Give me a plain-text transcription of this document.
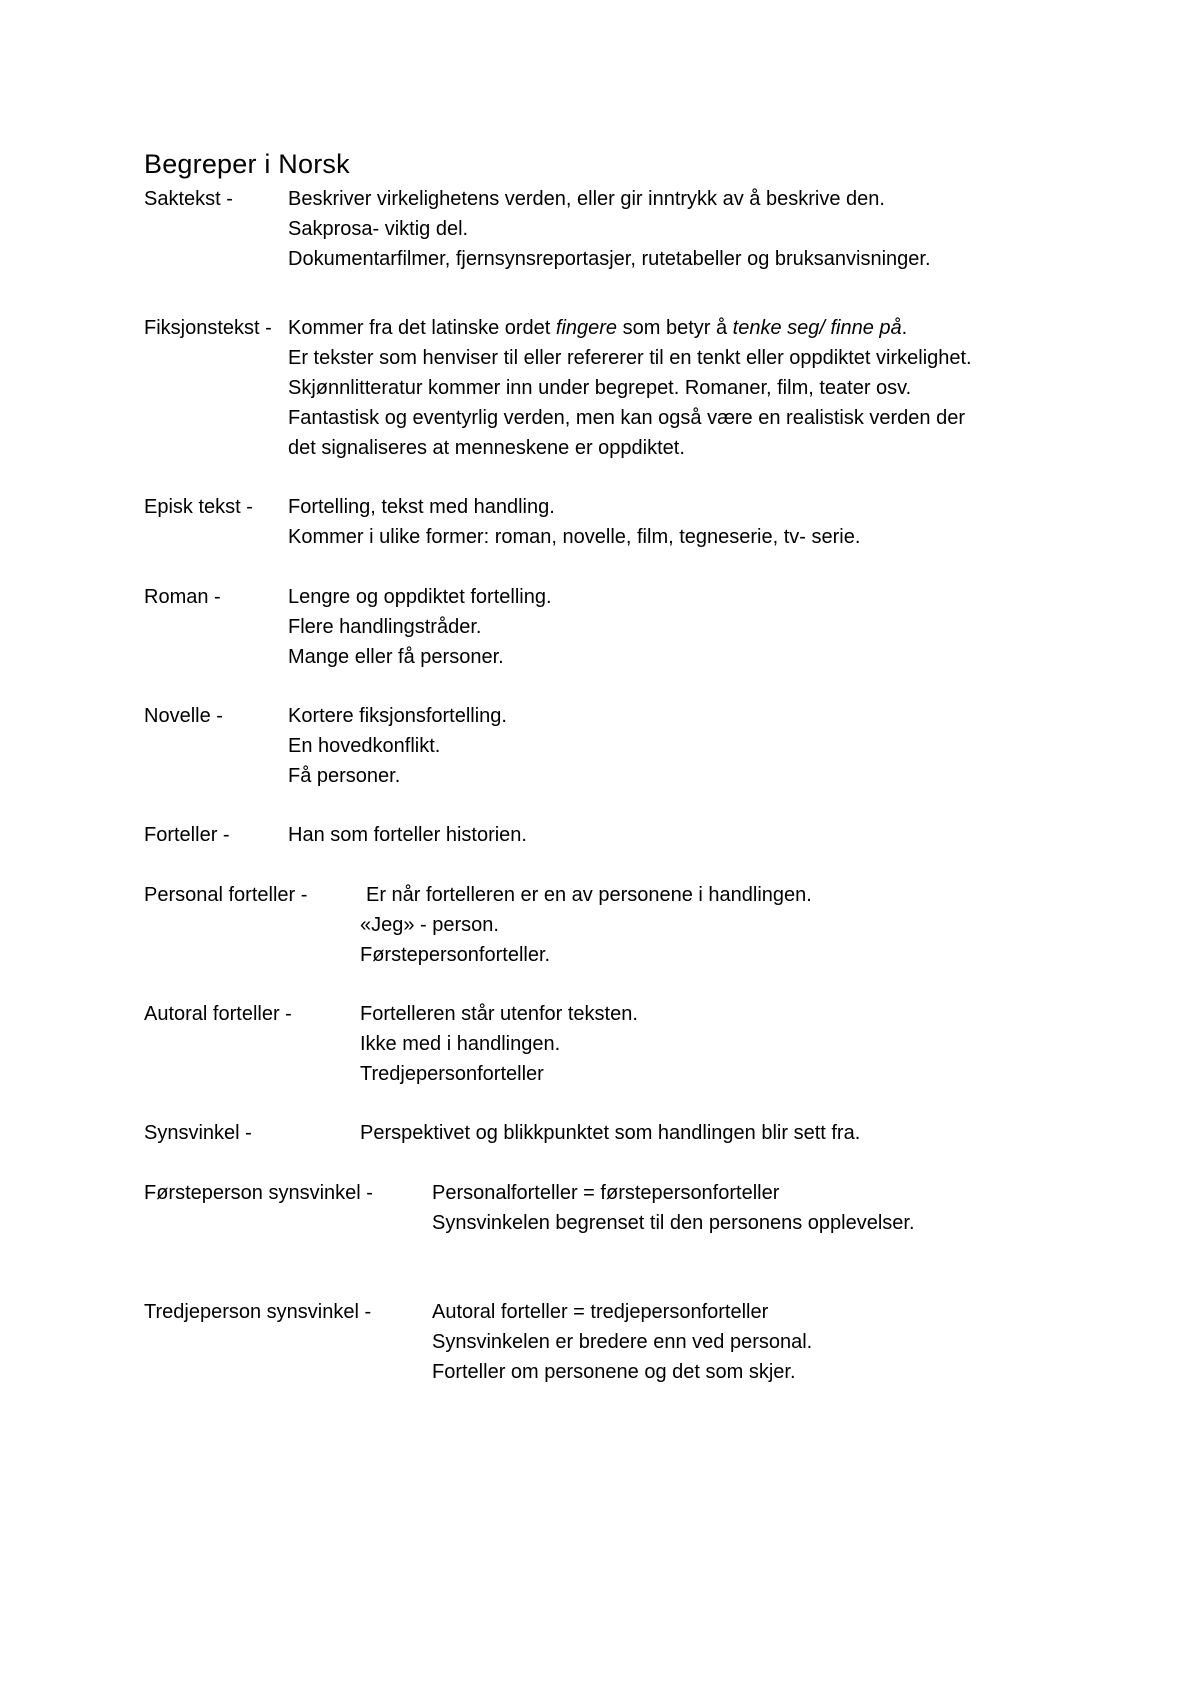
Begreper i Norsk
Saktekst -	Beskriver virkelighetens verden, eller gir inntrykk av å beskrive den.
Sakprosa- viktig del.
Dokumentarfilmer, fjernsynsreportasjer, rutetabeller og bruksanvisninger.
Fiksjonstekst - Kommer fra det latinske ordet fingere som betyr å tenke seg/ finne på.
Er tekster som henviser til eller refererer til en tenkt eller oppdiktet virkelighet.
Skjønnlitteratur kommer inn under begrepet. Romaner, film, teater osv.
Fantastisk og eventyrlig verden, men kan også være en realistisk verden der
det signaliseres at menneskene er oppdiktet.
Episk tekst - Fortelling, tekst med handling.
Kommer i ulike former: roman, novelle, film, tegneserie, tv- serie.
Roman -	Lengre og oppdiktet fortelling.
Flere handlingstråder.
Mange eller få personer.
Novelle -	Kortere fiksjonsfortelling.
En hovedkonflikt.
Få personer.
Forteller -	Han som forteller historien.
Personal forteller -	Er når fortelleren er en av personene i handlingen.
«Jeg» - person.
Førstepersonforteller.
Autoral forteller -	Fortelleren står utenfor teksten.
Ikke med i handlingen.
Tredjepersonforteller
Synsvinkel -	Perspektivet og blikkpunktet som handlingen blir sett fra.
Førsteperson synsvinkel -	Personalforteller = førstepersonforteller
Synsvinkelen begrenset til den personens opplevelser.
Tredjeperson synsvinkel -	Autoral forteller = tredjepersonforteller
Synsvinkelen er bredere enn ved personal.
Forteller om personene og det som skjer.
